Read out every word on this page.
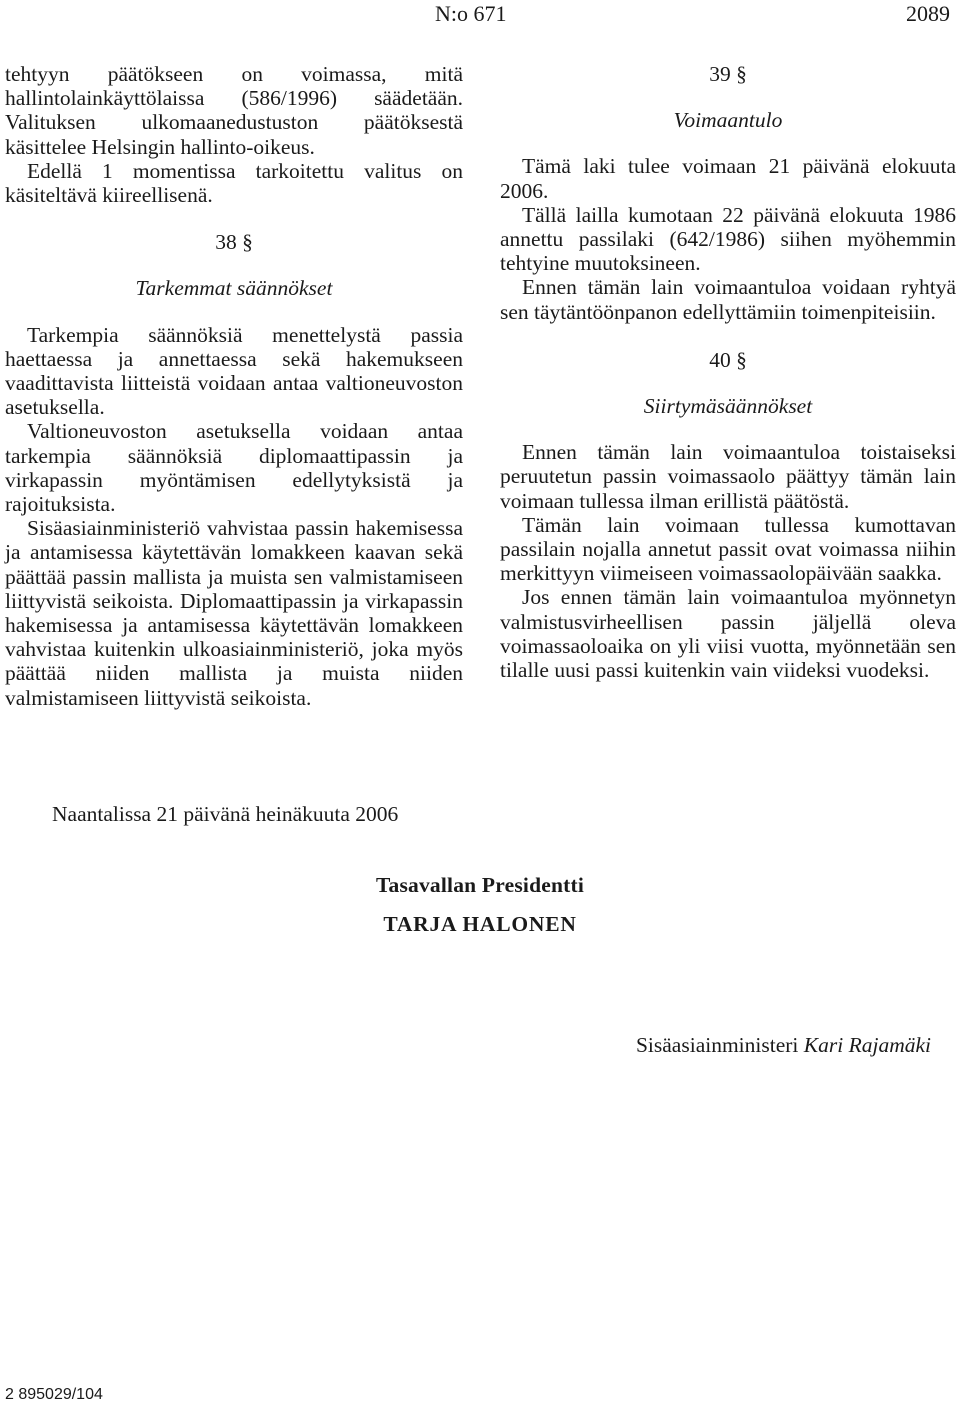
N:o 671	2089

tehtyyn päätökseen on voimassa, mitä hallintolainkäyttölaissa (586/1996) säädetään. Valituksen ulkomaanedustuston päätöksestä käsittelee Helsingin hallinto-oikeus.

Edellä 1 momentissa tarkoitettu valitus on käsiteltävä kiireellisenä.

38 §

Tarkemmat säännökset

Tarkempia säännöksiä menettelystä passia haettaessa ja annettaessa sekä hakemukseen vaadittavista liitteistä voidaan antaa valtioneuvoston asetuksella.

Valtioneuvoston asetuksella voidaan antaa tarkempia säännöksiä diplomaattipassin ja virkapassin myöntämisen edellytyksistä ja rajoituksista.

Sisäasiainministeriö vahvistaa passin hakemisessa ja antamisessa käytettävän lomakkeen kaavan sekä päättää passin mallista ja muista sen valmistamiseen liittyvistä seikoista. Diplomaattipassin ja virkapassin hakemisessa ja antamisessa käytettävän lomakkeen vahvistaa kuitenkin ulkoasiainministeriö, joka myös päättää niiden mallista ja muista niiden valmistamiseen liittyvistä seikoista.

39 §

Voimaantulo

Tämä laki tulee voimaan 21 päivänä elokuuta 2006.

Tällä lailla kumotaan 22 päivänä elokuuta 1986 annettu passilaki (642/1986) siihen myöhemmin tehtyine muutoksineen.

Ennen tämän lain voimaantuloa voidaan ryhtyä sen täytäntöönpanon edellyttämiin toimenpiteisiin.

40 §

Siirtymäsäännökset

Ennen tämän lain voimaantuloa toistaiseksi peruutetun passin voimassaolo päättyy tämän lain voimaan tullessa ilman erillistä päätöstä.

Tämän lain voimaan tullessa kumottavan passilain nojalla annetut passit ovat voimassa niihin merkittyyn viimeiseen voimassaolopäivään saakka.

Jos ennen tämän lain voimaantuloa myönnetyn valmistusvirheellisen passin jäljellä oleva voimassaoloaika on yli viisi vuotta, myönnetään sen tilalle uusi passi kuitenkin vain viideksi vuodeksi.

Naantalissa 21 päivänä heinäkuuta 2006
Tasavallan Presidentti
TARJA HALONEN
Sisäasiainministeri Kari Rajamäki
2 895029/104
